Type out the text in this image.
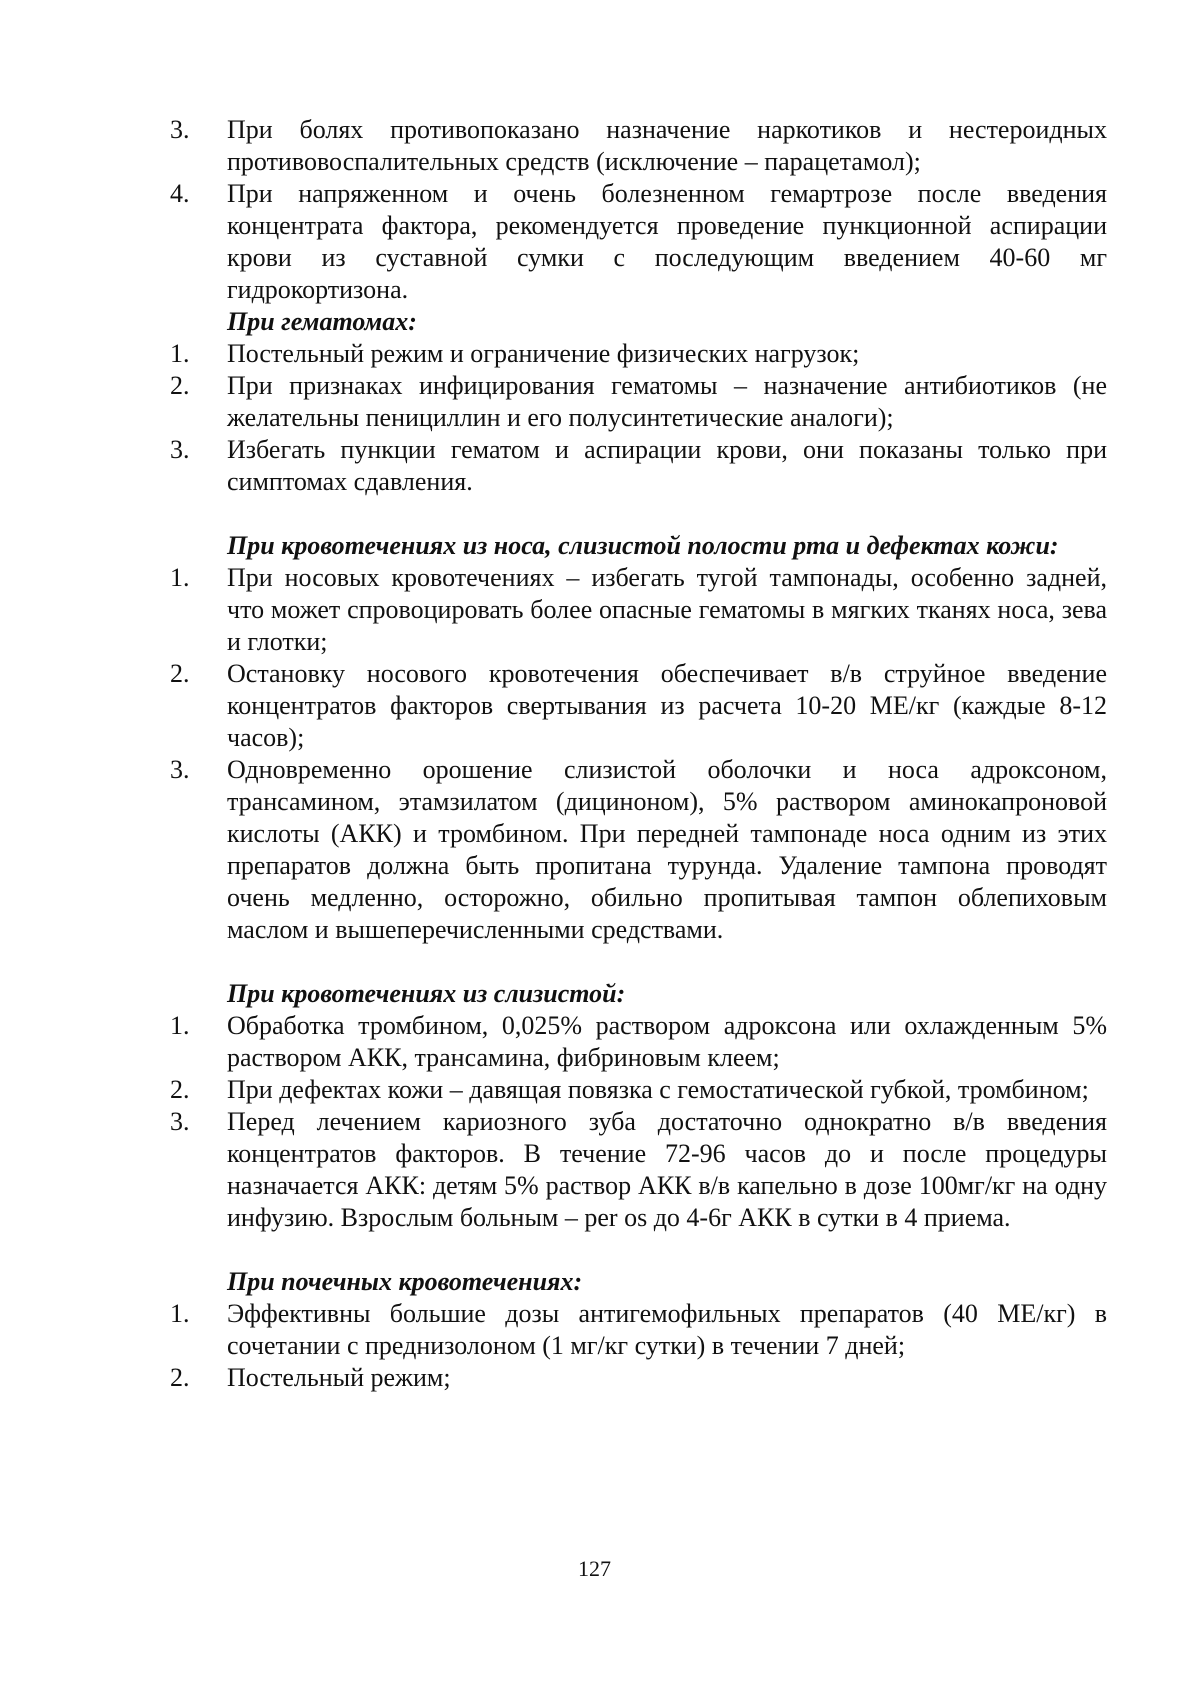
3. При болях противопоказано назначение наркотиков и нестероидных противовоспалительных средств (исключение – парацетамол);
4. При напряженном и очень болезненном гемартрозе после введения концентрата фактора, рекомендуется проведение пункционной аспирации крови из суставной сумки с последующим введением 40-60 мг гидрокортизона.
При гематомах:
1. Постельный режим и ограничение физических нагрузок;
2. При признаках инфицирования гематомы – назначение антибиотиков (не желательны пенициллин и его полусинтетические аналоги);
3. Избегать пункции гематом и аспирации крови, они показаны только при симптомах сдавления.
При кровотечениях из носа, слизистой полости рта и дефектах кожи:
1. При носовых кровотечениях – избегать тугой тампонады, особенно задней, что может спровоцировать более опасные гематомы в мягких тканях носа, зева и глотки;
2. Остановку носового кровотечения обеспечивает в/в струйное введение концентратов факторов свертывания из расчета 10-20 МЕ/кг (каждые 8-12 часов);
3. Одновременно орошение слизистой оболочки и носа адроксоном, трансамином, этамзилатом (дициноном), 5% раствором аминокапроновой кислоты (АКК) и тромбином. При передней тампонаде носа одним из этих препаратов должна быть пропитана турунда. Удаление тампона проводят очень медленно, осторожно, обильно пропитывая тампон облепиховым маслом и вышеперечисленными средствами.
При кровотечениях из слизистой:
1. Обработка тромбином, 0,025% раствором адроксона или охлажденным 5% раствором АКК, трансамина, фибриновым клеем;
2. При дефектах кожи – давящая повязка с гемостатической губкой, тромбином;
3. Перед лечением кариозного зуба достаточно однократно в/в введения концентратов факторов. В течение 72-96 часов до и после процедуры назначается АКК: детям 5% раствор АКК в/в капельно в дозе 100мг/кг на одну инфузию. Взрослым больным – per os до 4-6г АКК в сутки в 4 приема.
При почечных кровотечениях:
1. Эффективны большие дозы антигемофильных препаратов (40 МЕ/кг) в сочетании с преднизолоном (1 мг/кг сутки) в течении 7 дней;
2. Постельный режим;
127
